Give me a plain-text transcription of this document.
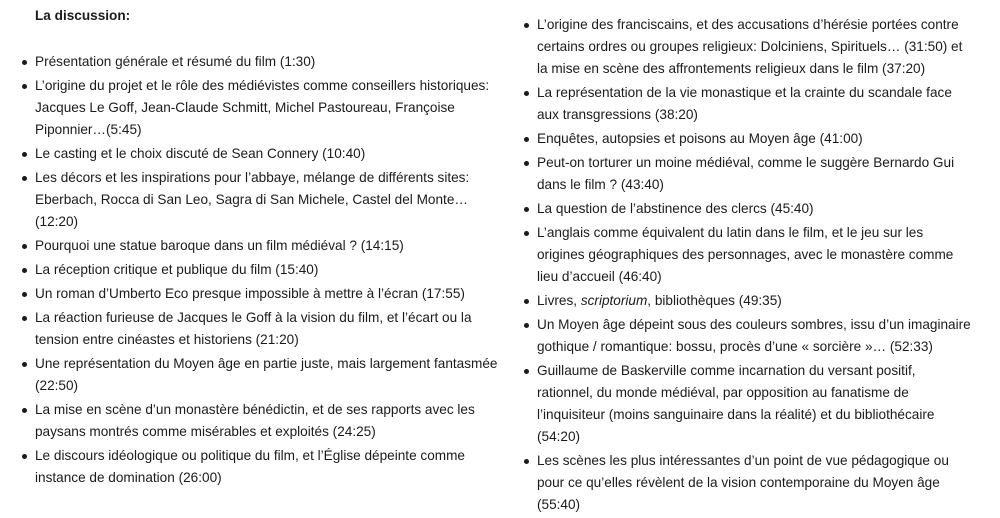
La discussion:
Présentation générale et résumé du film (1:30)
L’origine du projet et le rôle des médiévistes comme conseillers historiques: Jacques Le Goff, Jean-Claude Schmitt, Michel Pastoureau, Françoise Piponnier…(5:45)
Le casting et le choix discuté de Sean Connery (10:40)
Les décors et les inspirations pour l’abbaye, mélange de différents sites: Eberbach, Rocca di San Leo, Sagra di San Michele, Castel del Monte… (12:20)
Pourquoi une statue baroque dans un film médiéval ? (14:15)
La réception critique et publique du film (15:40)
Un roman d’Umberto Eco presque impossible à mettre à l’écran (17:55)
La réaction furieuse de Jacques le Goff à la vision du film, et l’écart ou la tension entre cinéastes et historiens (21:20)
Une représentation du Moyen âge en partie juste, mais largement fantasmée (22:50)
La mise en scène d’un monastère bénédictin, et de ses rapports avec les paysans montrés comme misérables et exploités (24:25)
Le discours idéologique ou politique du film, et l’Église dépeinte comme instance de domination (26:00)
L’origine des franciscains, et des accusations d’hérésie portées contre certains ordres ou groupes religieux: Dolciniens, Spirituels… (31:50) et la mise en scène des affrontements religieux dans le film (37:20)
La représentation de la vie monastique et la crainte du scandale face aux transgressions (38:20)
Enquêtes, autopsies et poisons au Moyen âge (41:00)
Peut-on torturer un moine médiéval, comme le suggère Bernardo Gui dans le film ? (43:40)
La question de l’abstinence des clercs (45:40)
L’anglais comme équivalent du latin dans le film, et le jeu sur les origines géographiques des personnages, avec le monastère comme lieu d’accueil (46:40)
Livres, scriptorium, bibliothèques (49:35)
Un Moyen âge dépeint sous des couleurs sombres, issu d’un imaginaire gothique / romantique: bossu, procès d’une « sorcière »… (52:33)
Guillaume de Baskerville comme incarnation du versant positif, rationnel, du monde médiéval, par opposition au fanatisme de l’inquisiteur (moins sanguinaire dans la réalité) et du bibliothécaire (54:20)
Les scènes les plus intéressantes d’un point de vue pédagogique ou pour ce qu’elles révèlent de la vision contemporaine du Moyen âge (55:40)
